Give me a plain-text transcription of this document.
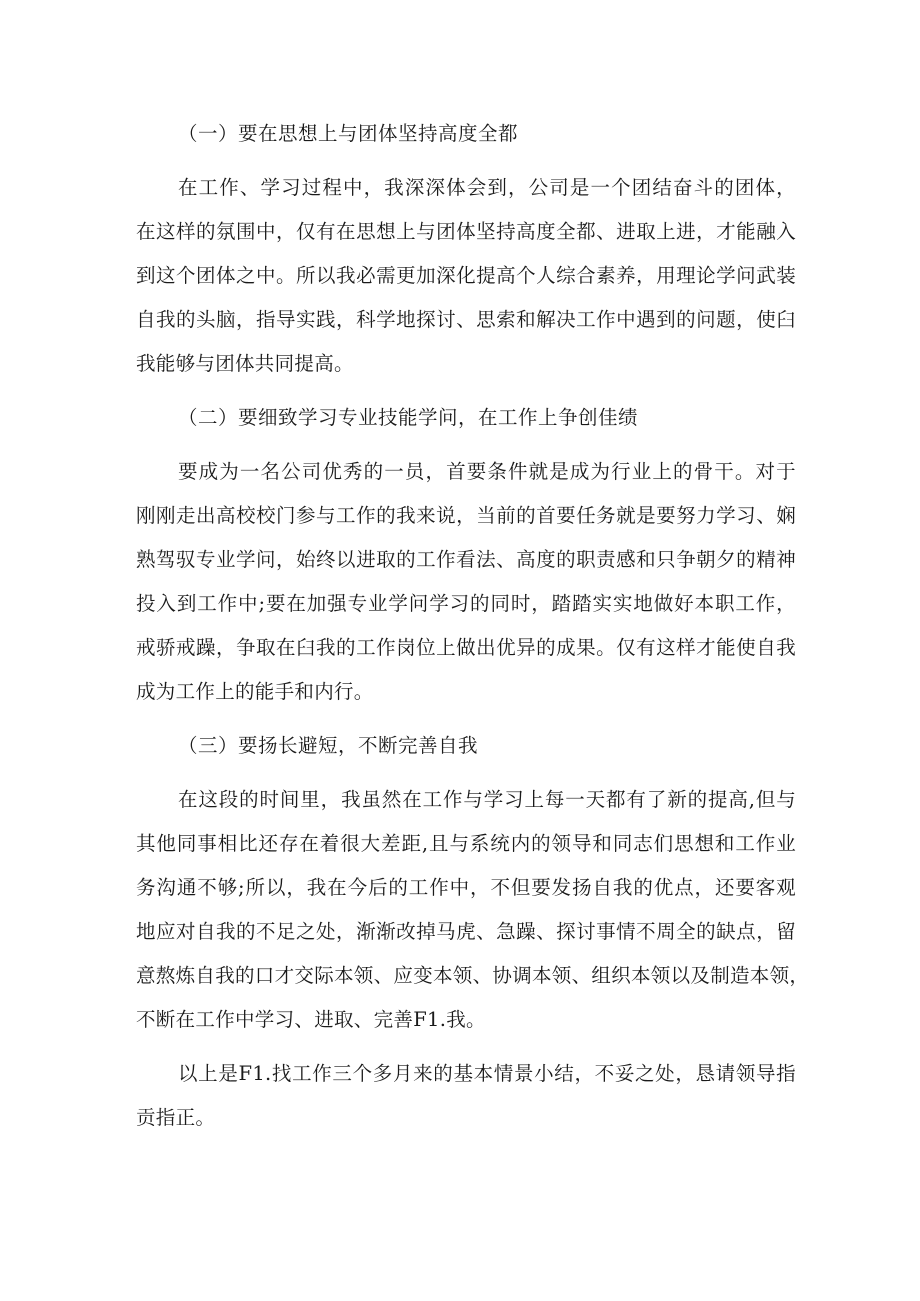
（一）要在思想上与团体坚持高度全都

在工作、学习过程中，我深深体会到，公司是一个团结奋斗的团体，
在这样的氛围中，仅有在思想上与团体坚持高度全都、进取上进，才能融入
到这个团体之中。所以我必需更加深化提高个人综合素养，用理论学问武装
自我的头脑，指导实践，科学地探讨、思索和解决工作中遇到的问题，使臼
我能够与团体共同提高。

（二）要细致学习专业技能学问，在工作上争创佳绩

要成为一名公司优秀的一员，首要条件就是成为行业上的骨干。对于
刚刚走出高校校门参与工作的我来说，当前的首要任务就是要努力学习、娴
熟驾驭专业学问，始终以进取的工作看法、高度的职责感和只争朝夕的精神
投入到工作中;要在加强专业学问学习的同时，踏踏实实地做好本职工作，
戒骄戒躁，争取在臼我的工作岗位上做出优异的成果。仅有这样才能使自我
成为工作上的能手和内行。

（三）要扬长避短，不断完善自我

在这段的时间里，我虽然在工作与学习上每一天都有了新的提高,但与
其他同事相比还存在着很大差距,且与系统内的领导和同志们思想和工作业
务沟通不够;所以，我在今后的工作中，不但要发扬自我的优点，还要客观
地应对自我的不足之处，渐渐改掉马虎、急躁、探讨事情不周全的缺点，留
意熬炼自我的口才交际本领、应变本领、协调本领、组织本领以及制造本领，
不断在工作中学习、进取、完善F1.我。
以上是F1.找工作三个多月来的基本情景小结，不妥之处，恳请领导指
贡指正。
